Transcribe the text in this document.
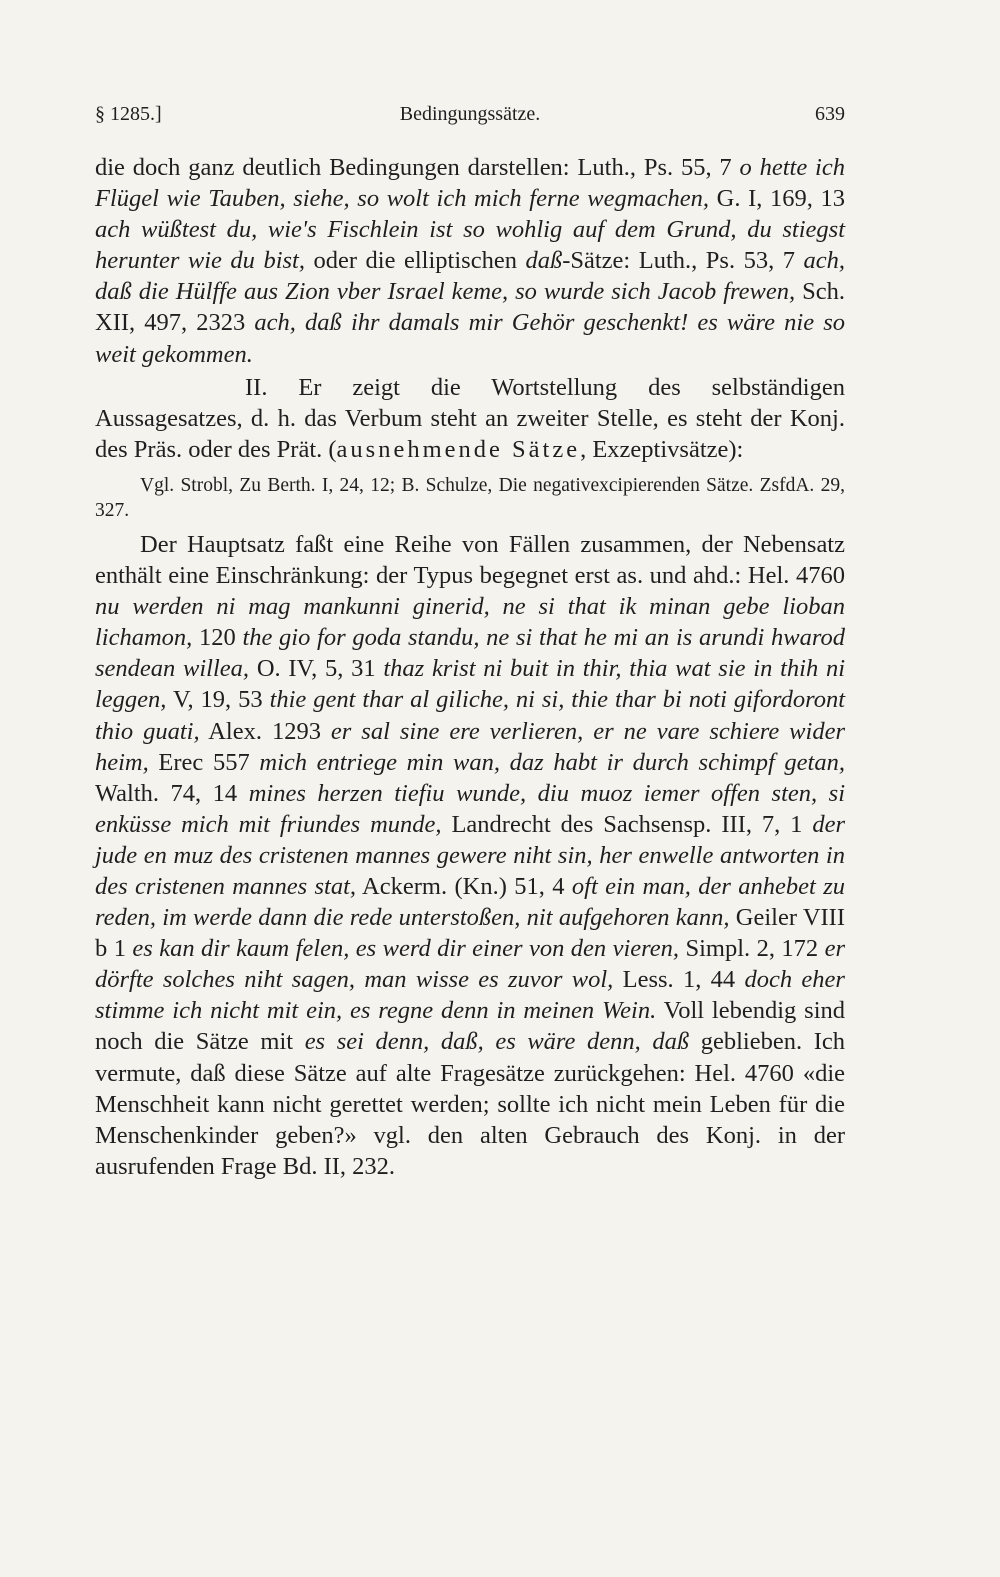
§ 1285.]	Bedingungssätze.	639

die doch ganz deutlich Bedingungen darstellen: Luth., Ps. 55, 7 o hette ich Flügel wie Tauben, siehe, so wolt ich mich ferne wegmachen, G. I, 169, 13 ach wüßtest du, wie's Fischlein ist so wohlig auf dem Grund, du stiegst herunter wie du bist, oder die elliptischen daß-Sätze: Luth., Ps. 53, 7 ach, daß die Hülffe aus Zion vber Israel keme, so wurde sich Jacob frewen, Sch. XII, 497, 2323 ach, daß ihr damals mir Gehör geschenkt! es wäre nie so weit gekommen.

II. Er zeigt die Wortstellung des selbständigen Aussagesatzes, d. h. das Verbum steht an zweiter Stelle, es steht der Konj. des Präs. oder des Prät. (ausnehmende Sätze, Exzeptivsätze):

Vgl. Strobl, Zu Berth. I, 24, 12; B. Schulze, Die negativexcipierenden Sätze. ZsfdA. 29, 327.

Der Hauptsatz faßt eine Reihe von Fällen zusammen, der Nebensatz enthält eine Einschränkung: der Typus begegnet erst as. und ahd.: Hel. 4760 nu werden ni mag mankunni ginerid, ne si that ik minan gebe lioban lichamon, 120 the gio for goda standu, ne si that he mi an is arundi hwarod sendean willea, O. IV, 5, 31 thaz krist ni buit in thir, thia wat sie in thih ni leggen, V, 19, 53 thie gent thar al giliche, ni si, thie thar bi noti gifordoront thio guati, Alex. 1293 er sal sine ere verlieren, er ne vare schiere wider heim, Erec 557 mich entriege min wan, daz habt ir durch schimpf getan, Walth. 74, 14 mines herzen tiefiu wunde, diu muoz iemer offen sten, si enküsse mich mit friundes munde, Landrecht des Sachsensp. III, 7, 1 der jude en muz des cristenen mannes gewere niht sin, her enwelle antworten in des cristenen mannes stat, Ackerm. (Kn.) 51, 4 oft ein man, der anhebet zu reden, im werde dann die rede unterstoßen, nit aufgehoren kann, Geiler VIII b 1 es kan dir kaum felen, es werd dir einer von den vieren, Simpl. 2, 172 er dörfte solches niht sagen, man wisse es zuvor wol, Less. 1, 44 doch eher stimme ich nicht mit ein, es regne denn in meinen Wein. Voll lebendig sind noch die Sätze mit es sei denn, daß, es wäre denn, daß geblieben. Ich vermute, daß diese Sätze auf alte Fragesätze zurückgehen: Hel. 4760 «die Menschheit kann nicht gerettet werden; sollte ich nicht mein Leben für die Menschenkinder geben?» vgl. den alten Gebrauch des Konj. in der ausrufenden Frage Bd. II, 232.
